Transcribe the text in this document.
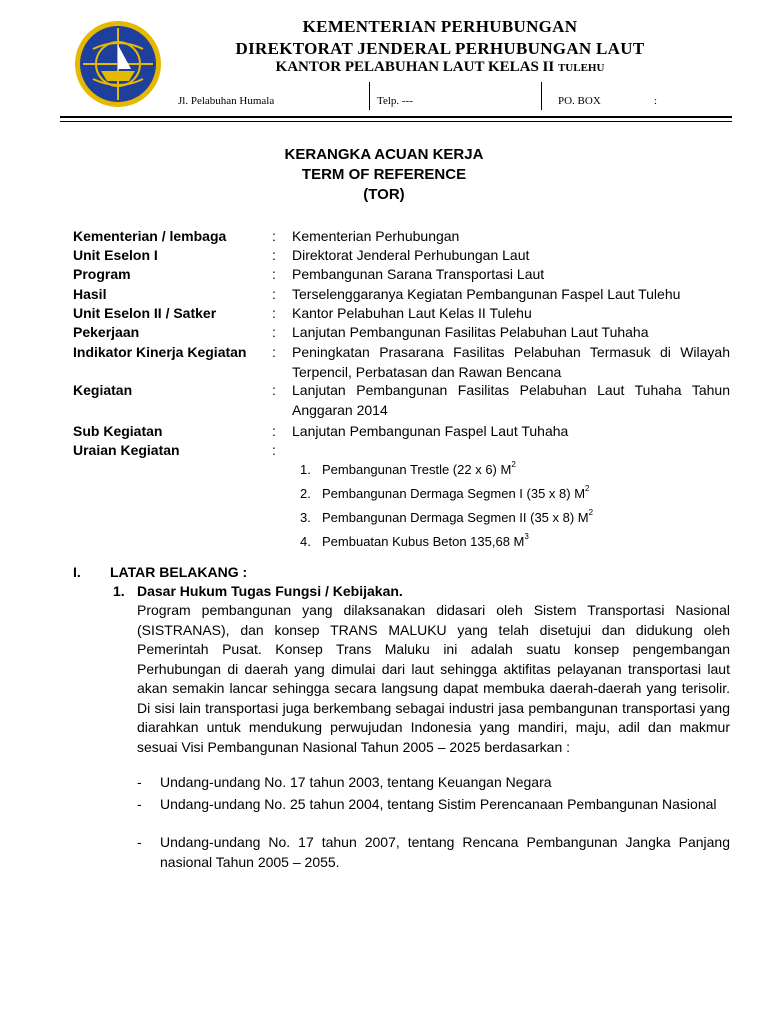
KEMENTERIAN PERHUBUNGAN
DIREKTORAT JENDERAL PERHUBUNGAN LAUT
KANTOR PELABUHAN LAUT KELAS II TULEHU
Jl. Pelabuhan Humala	Telp. ---	PO. BOX	:
KERANGKA ACUAN KERJA
TERM OF REFERENCE
(TOR)
Kementerian / lembaga	: Kementerian Perhubungan
Unit Eselon I	: Direktorat Jenderal Perhubungan Laut
Program	: Pembangunan Sarana Transportasi Laut
Hasil	: Terselenggaranya Kegiatan Pembangunan Faspel Laut Tulehu
Unit Eselon II / Satker	: Kantor Pelabuhan Laut Kelas II Tulehu
Pekerjaan	: Lanjutan Pembangunan Fasilitas Pelabuhan Laut Tuhaha
Indikator Kinerja Kegiatan : Peningkatan Prasarana Fasilitas Pelabuhan Termasuk di Wilayah Terpencil, Perbatasan dan Rawan Bencana
Kegiatan	: Lanjutan Pembangunan Fasilitas Pelabuhan Laut Tuhaha Tahun Anggaran 2014
Sub Kegiatan	: Lanjutan Pembangunan Faspel Laut Tuhaha
Uraian Kegiatan	:
1. Pembangunan Trestle (22 x 6) $M^2$
2. Pembangunan Dermaga Segmen I (35 x 8) $M^2$
3. Pembangunan Dermaga Segmen II (35 x 8) $M^2$
4. Pembuatan Kubus Beton 135,68 $M^3$
I. LATAR BELAKANG :
1. Dasar Hukum Tugas Fungsi / Kebijakan.
Program pembangunan yang dilaksanakan didasari oleh Sistem Transportasi Nasional (SISTRANAS), dan konsep TRANS MALUKU yang telah disetujui dan didukung oleh Pemerintah Pusat. Konsep Trans Maluku ini adalah suatu konsep pengembangan Perhubungan di daerah yang dimulai dari laut sehingga aktifitas pelayanan transportasi laut akan semakin lancar sehingga secara langsung dapat membuka daerah-daerah yang terisolir. Di sisi lain transportasi juga berkembang sebagai industri jasa pembangunan transportasi yang diarahkan untuk mendukung perwujudan Indonesia yang mandiri, maju, adil dan makmur sesuai Visi Pembangunan Nasional Tahun 2005 – 2025 berdasarkan :
- Undang-undang No. 17 tahun 2003, tentang Keuangan Negara
- Undang-undang No. 25 tahun 2004, tentang Sistim Perencanaan Pembangunan Nasional
- Undang-undang No. 17 tahun 2007, tentang Rencana Pembangunan Jangka Panjang nasional Tahun 2005 – 2055.
